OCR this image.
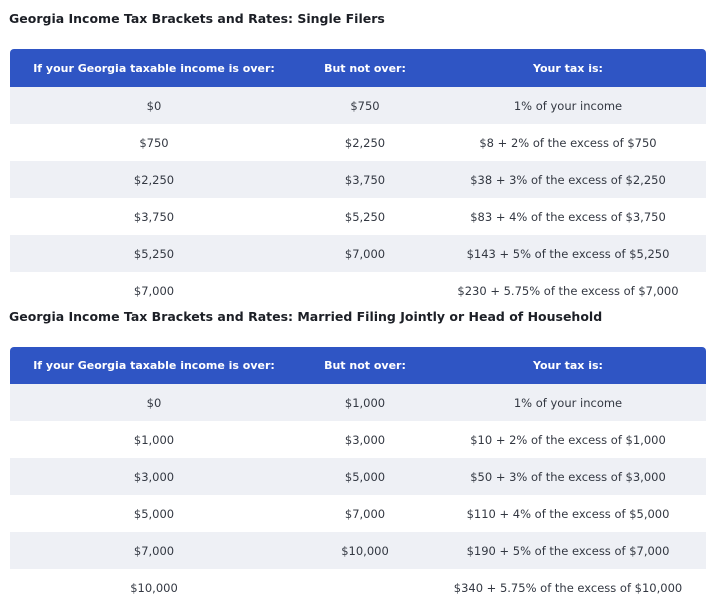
Georgia Income Tax Brackets and Rates: Single Filers
If your Georgia taxable income is over:	But not over:	Your tax is:
$0	$750	1% of your income
$750	$2,250	$8 + 2% of the excess of $750
$2,250	$3,750	$38 + 3% of the excess of $2,250
$3,750	$5,250	$83 + 4% of the excess of $3,750
$5,250	$7,000	$143 + 5% of the excess of $5,250
$7,000		$230 + 5.75% of the excess of $7,000
Georgia Income Tax Brackets and Rates: Married Filing Jointly or Head of Household
If your Georgia taxable income is over:	But not over:	Your tax is:
$0	$1,000	1% of your income
$1,000	$3,000	$10 + 2% of the excess of $1,000
$3,000	$5,000	$50 + 3% of the excess of $3,000
$5,000	$7,000	$110 + 4% of the excess of $5,000
$7,000	$10,000	$190 + 5% of the excess of $7,000
$10,000		$340 + 5.75% of the excess of $10,000
